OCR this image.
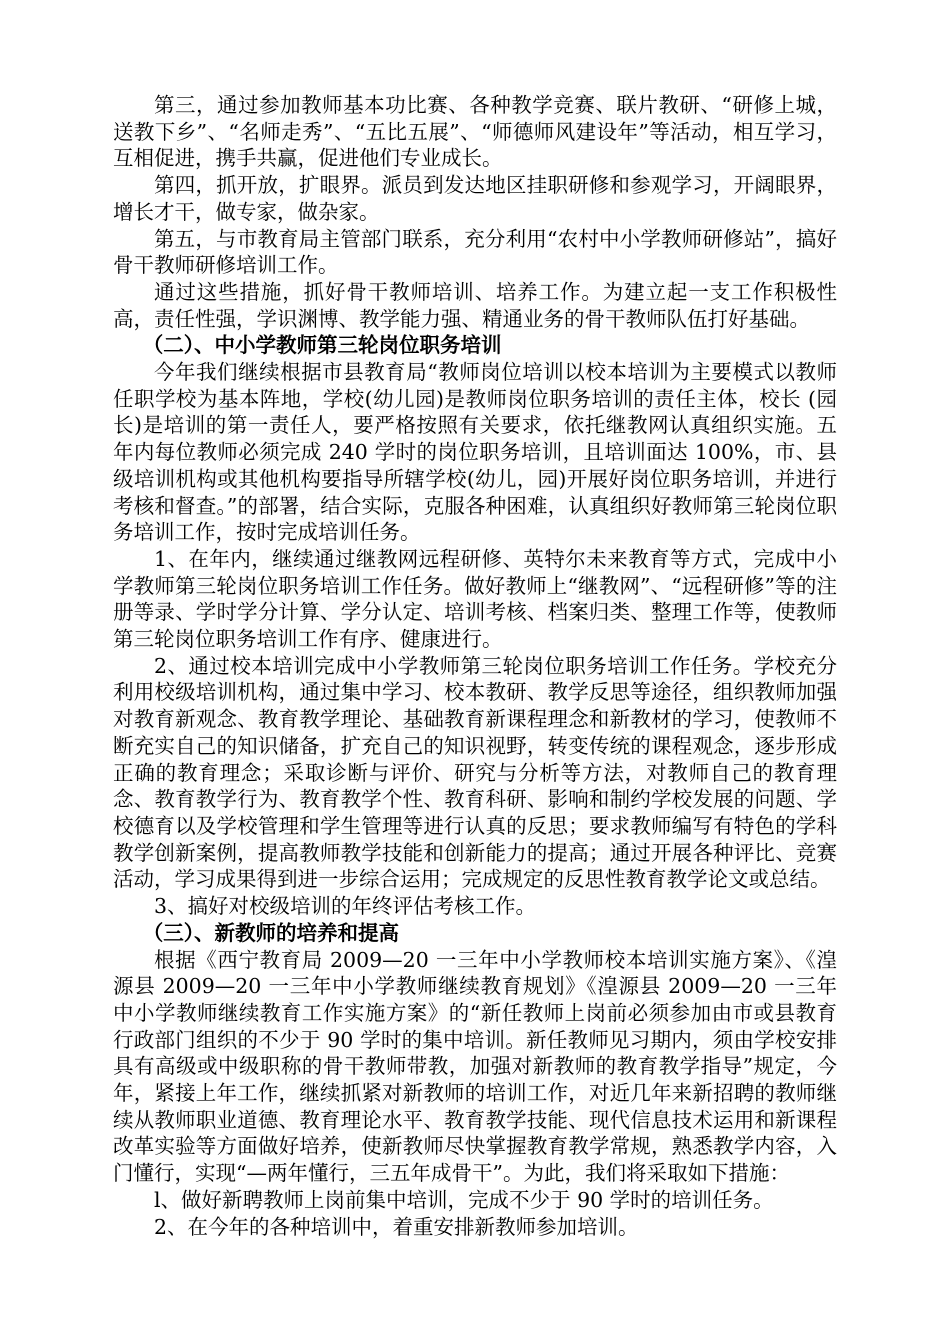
第三，通过参加教师基本功比赛、各种教学竞赛、联片教研、“研修上城，送教下乡”、“名师走秀”、“五比五展”、“师德师风建设年”等活动，相互学习，互相促进，携手共赢，促进他们专业成长。

第四，抓开放，扩眼界。派员到发达地区挂职研修和参观学习，开阔眼界，增长才干，做专家，做杂家。

第五，与市教育局主管部门联系，充分利用“农村中小学教师研修站”，搞好骨干教师研修培训工作。

通过这些措施，抓好骨干教师培训、培养工作。为建立起一支工作积极性高，责任性强，学识渊博、教学能力强、精通业务的骨干教师队伍打好基础。

（二）、中小学教师第三轮岗位职务培训

今年我们继续根据市县教育局“教师岗位培训以校本培训为主要模式以教师任职学校为基本阵地，学校(幼儿园)是教师岗位职务培训的责任主体，校长 (园长)是培训的第一责任人，要严格按照有关要求，依托继教网认真组织实施。五年内每位教师必须完成 240 学时的岗位职务培训，且培训面达 100%，市、县级培训机构或其他机构要指导所辖学校(幼儿，园)开展好岗位职务培训，并进行考核和督查。”的部署，结合实际，克服各种困难，认真组织好教师第三轮岗位职务培训工作，按时完成培训任务。

1、在年内，继续通过继教网远程研修、英特尔未来教育等方式，完成中小学教师第三轮岗位职务培训工作任务。做好教师上“继教网”、“远程研修”等的注册等录、学时学分计算、学分认定、培训考核、档案归类、整理工作等，使教师第三轮岗位职务培训工作有序、健康进行。

2、通过校本培训完成中小学教师第三轮岗位职务培训工作任务。学校充分利用校级培训机构，通过集中学习、校本教研、教学反思等途径，组织教师加强对教育新观念、教育教学理论、基础教育新课程理念和新教材的学习，使教师不断充实自己的知识储备，扩充自己的知识视野，转变传统的课程观念，逐步形成正确的教育理念；采取诊断与评价、研究与分析等方法，对教师自己的教育理念、教育教学行为、教育教学个性、教育科研、影响和制约学校发展的问题、学校德育以及学校管理和学生管理等进行认真的反思；要求教师编写有特色的学科教学创新案例，提高教师教学技能和创新能力的提高；通过开展各种评比、竞赛活动，学习成果得到进一步综合运用；完成规定的反思性教育教学论文或总结。

3、搞好对校级培训的年终评估考核工作。

（三）、新教师的培养和提高

根据《西宁教育局 2009—20 一三年中小学教师校本培训实施方案》、《湟源县 2009—20 一三年中小学教师继续教育规划》《湟源县 2009—20 一三年中小学教师继续教育工作实施方案》的“新任教师上岗前必须参加由市或县教育行政部门组织的不少于 90 学时的集中培训。新任教师见习期内，须由学校安排具有高级或中级职称的骨干教师带教，加强对新教师的教育教学指导”规定，今年，紧接上年工作，继续抓紧对新教师的培训工作，对近几年来新招聘的教师继续从教师职业道德、教育理论水平、教育教学技能、现代信息技术运用和新课程改革实验等方面做好培养，使新教师尽快掌握教育教学常规，熟悉教学内容，入门懂行，实现“—两年懂行，三五年成骨干”。为此，我们将采取如下措施：

l、做好新聘教师上岗前集中培训，完成不少于 90 学时的培训任务。

2、在今年的各种培训中，着重安排新教师参加培训。
